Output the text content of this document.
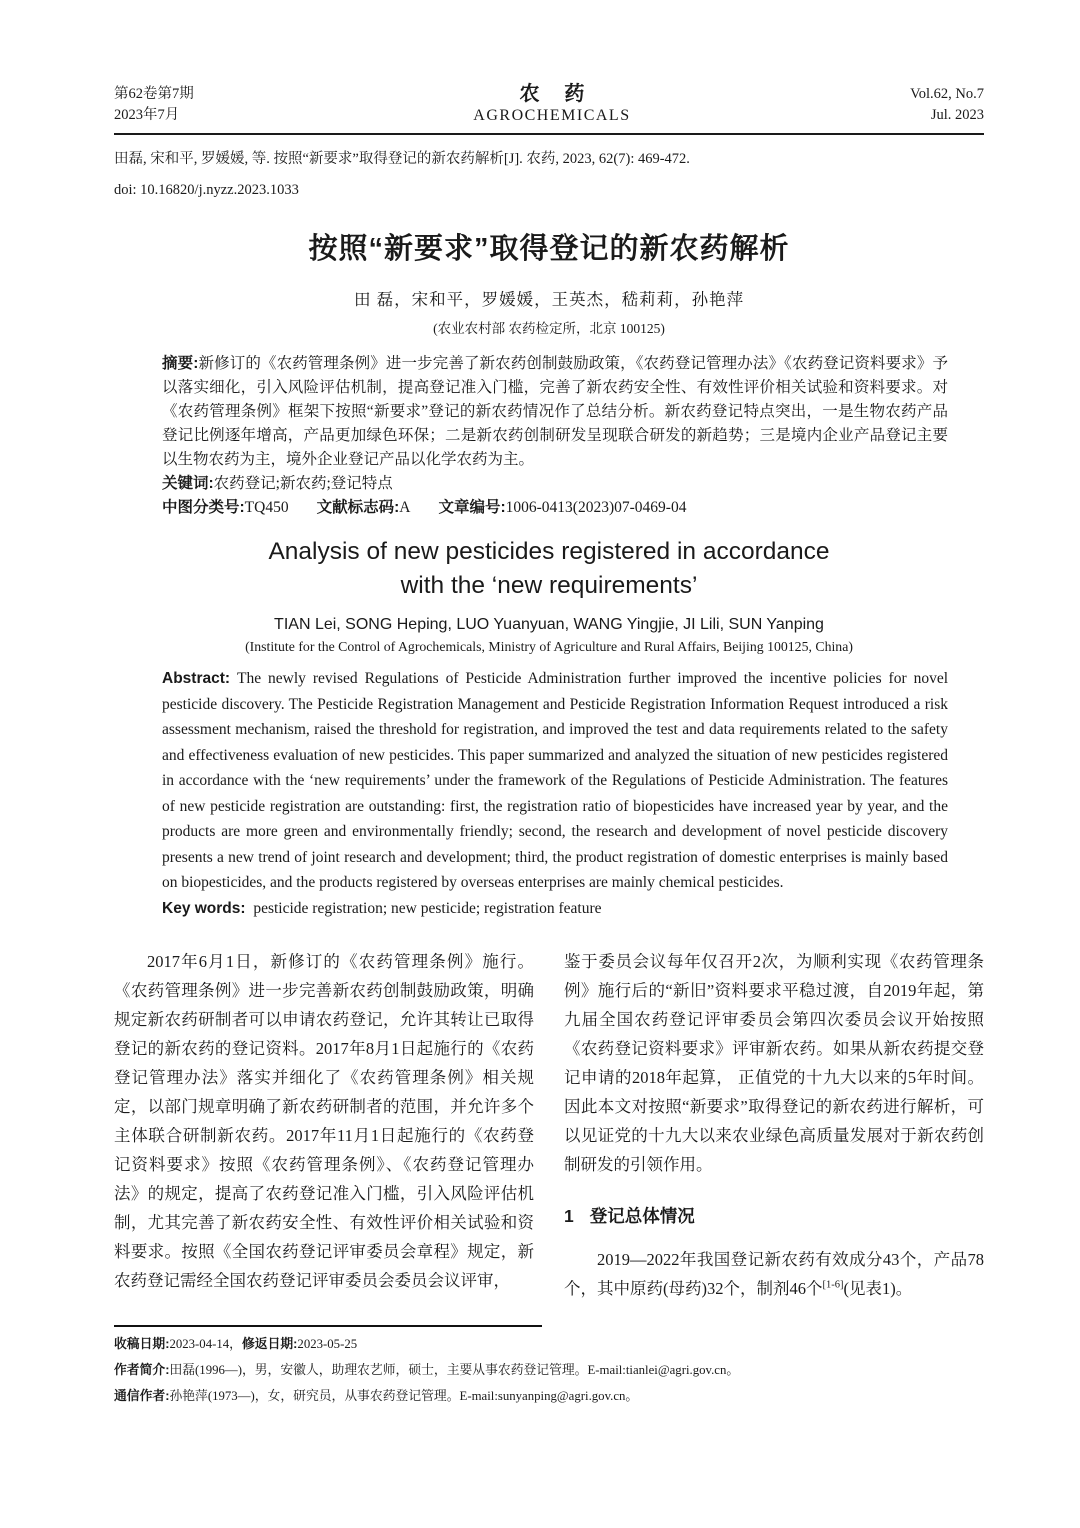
第62卷第7期
2023年7月
农 药
AGROCHEMICALS
Vol.62, No.7
Jul. 2023
田磊, 宋和平, 罗媛媛, 等. 按照“新要求”取得登记的新农药解析[J]. 农药, 2023, 62(7): 469-472.
doi: 10.16820/j.nyzz.2023.1033
按照“新要求”取得登记的新农药解析
田 磊，宋和平，罗媛媛，王英杰，嵇莉莉，孙艳萍
(农业农村部 农药检定所，北京 100125)

摘要:新修订的《农药管理条例》进一步完善了新农药创制鼓励政策，《农药登记管理办法》《农药登记资料要求》予以落实细化，引入风险评估机制，提高登记准入门槛，完善了新农药安全性、有效性评价相关试验和资料要求。对《农药管理条例》框架下按照“新要求”登记的新农药情况作了总结分析。新农药登记特点突出，一是生物农药产品登记比例逐年增高，产品更加绿色环保；二是新农药创制研发呈现联合研发的新趋势；三是境内企业产品登记主要以生物农药为主，境外企业登记产品以化学农药为主。

关键词:农药登记;新农药;登记特点

中图分类号:TQ450 文献标志码:A 文章编号:1006-0413(2023)07-0469-04

Analysis of new pesticides registered in accordance
with the ‘new requirements’
TIAN Lei, SONG Heping, LUO Yuanyuan, WANG Yingjie, JI Lili, SUN Yanping
(Institute for the Control of Agrochemicals, Ministry of Agriculture and Rural Affairs, Beijing 100125, China)

Abstract: The newly revised Regulations of Pesticide Administration further improved the incentive policies for novel pesticide discovery. The Pesticide Registration Management and Pesticide Registration Information Request introduced a risk assessment mechanism, raised the threshold for registration, and improved the test and data requirements related to the safety and effectiveness evaluation of new pesticides. This paper summarized and analyzed the situation of new pesticides registered in accordance with the ‘new requirements’ under the framework of the Regulations of Pesticide Administration. The features of new pesticide registration are outstanding: first, the registration ratio of biopesticides have increased year by year, and the products are more green and environmentally friendly; second, the research and development of novel pesticide discovery presents a new trend of joint research and development; third, the product registration of domestic enterprises is mainly based on biopesticides, and the products registered by overseas enterprises are mainly chemical pesticides.

Key words: pesticide registration; new pesticide; registration feature

2017年6月1日，新修订的《农药管理条例》施行。《农药管理条例》进一步完善新农药创制鼓励政策，明确规定新农药研制者可以申请农药登记，允许其转让已取得登记的新农药的登记资料。2017年8月1日起施行的《农药登记管理办法》落实并细化了《农药管理条例》相关规定，以部门规章明确了新农药研制者的范围，并允许多个主体联合研制新农药。2017年11月1日起施行的《农药登记资料要求》按照《农药管理条例》、《农药登记管理办法》的规定，提高了农药登记准入门槛，引入风险评估机制，尤其完善了新农药安全性、有效性评价相关试验和资料要求。按照《全国农药登记评审委员会章程》规定，新农药登记需经全国农药登记评审委员会委员会议评审，

鉴于委员会议每年仅召开2次，为顺利实现《农药管理条例》施行后的“新旧”资料要求平稳过渡，自2019年起，第九届全国农药登记评审委员会第四次委员会议开始按照《农药登记资料要求》评审新农药。如果从新农药提交登记申请的2018年起算， 正值党的十九大以来的5年时间。因此本文对按照“新要求”取得登记的新农药进行解析，可以见证党的十九大以来农业绿色高质量发展对于新农药创制研发的引领作用。

1 登记总体情况

2019—2022年我国登记新农药有效成分43个，产品78个，其中原药(母药)32个，制剂46个[1-6](见表1)。

收稿日期:2023-04-14，修返日期:2023-05-25
作者简介:田磊(1996—)，男，安徽人，助理农艺师，硕士，主要从事农药登记管理。E-mail:tianlei@agri.gov.cn。
通信作者:孙艳萍(1973—)，女，研究员，从事农药登记管理。E-mail:sunyanping@agri.gov.cn。
